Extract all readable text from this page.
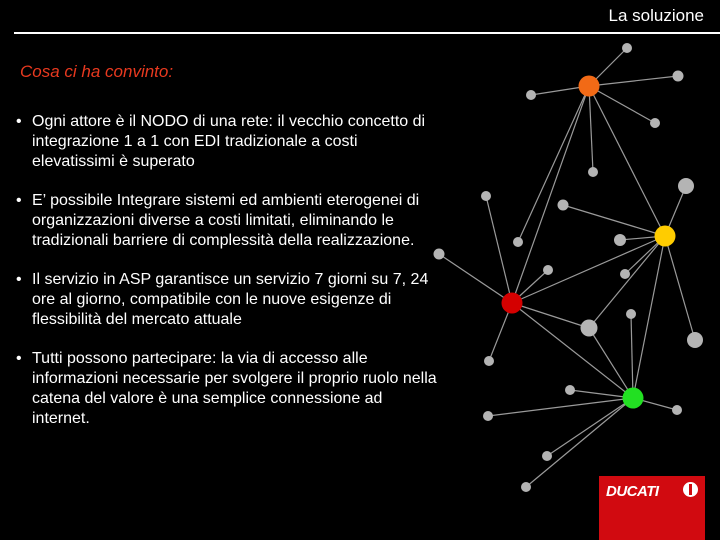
La soluzione
Cosa ci ha convinto:
• Ogni attore è il NODO di una rete: il vecchio concetto di integrazione 1 a 1 con EDI tradizionale a costi elevatissimi è superato
• E’ possibile Integrare sistemi ed ambienti eterogenei di organizzazioni diverse a costi limitati, eliminando le tradizionali barriere di complessità della realizzazione.
• Il servizio in ASP garantisce un servizio 7 giorni su 7, 24 ore al giorno, compatibile con le nuove esigenze di flessibilità del mercato attuale
• Tutti possono partecipare: la via di accesso alle informazioni necessarie per svolgere il proprio ruolo nella catena del valore è una semplice connessione ad internet.
DUCATI
